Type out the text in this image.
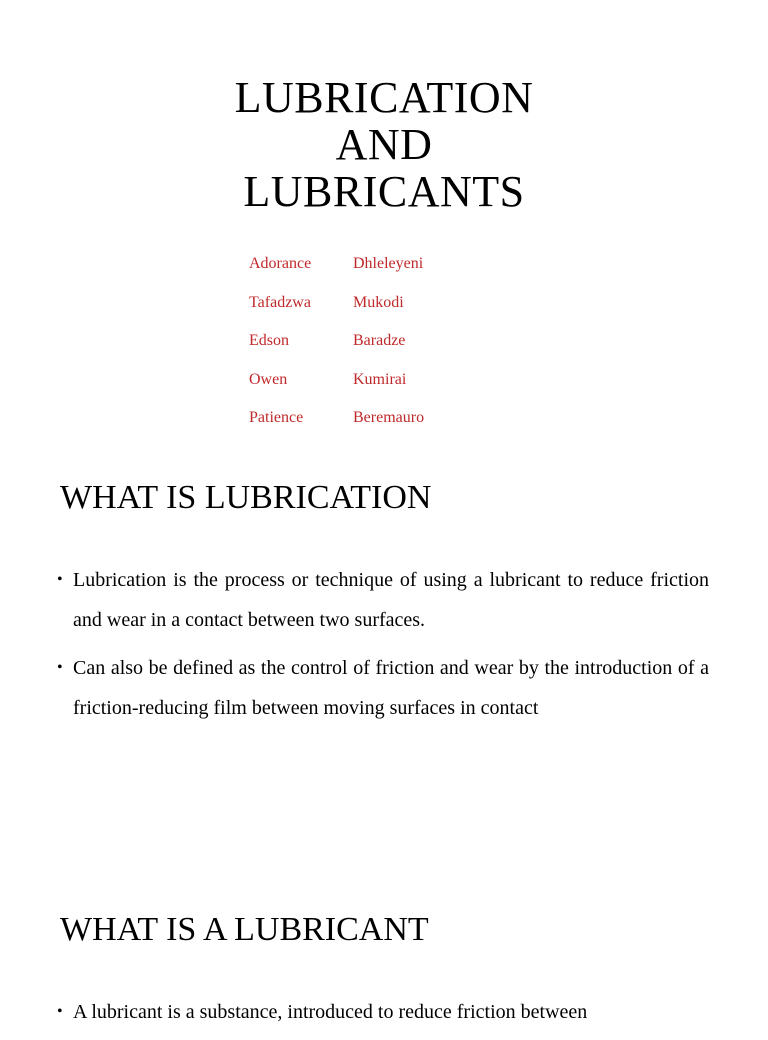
LUBRICATION
AND
LUBRICANTS
Adorance	Dhleleyeni
Tafadzwa	Mukodi
Edson	Baradze
Owen	Kumirai
Patience	Beremauro
WHAT IS LUBRICATION
• Lubrication is the process or technique of using a lubricant to reduce friction and wear in a contact between two surfaces.
• Can also be defined as the control of friction and wear by the introduction of a friction-reducing film between moving surfaces in contact
WHAT IS A LUBRICANT
• A lubricant is a substance, introduced to reduce friction between
